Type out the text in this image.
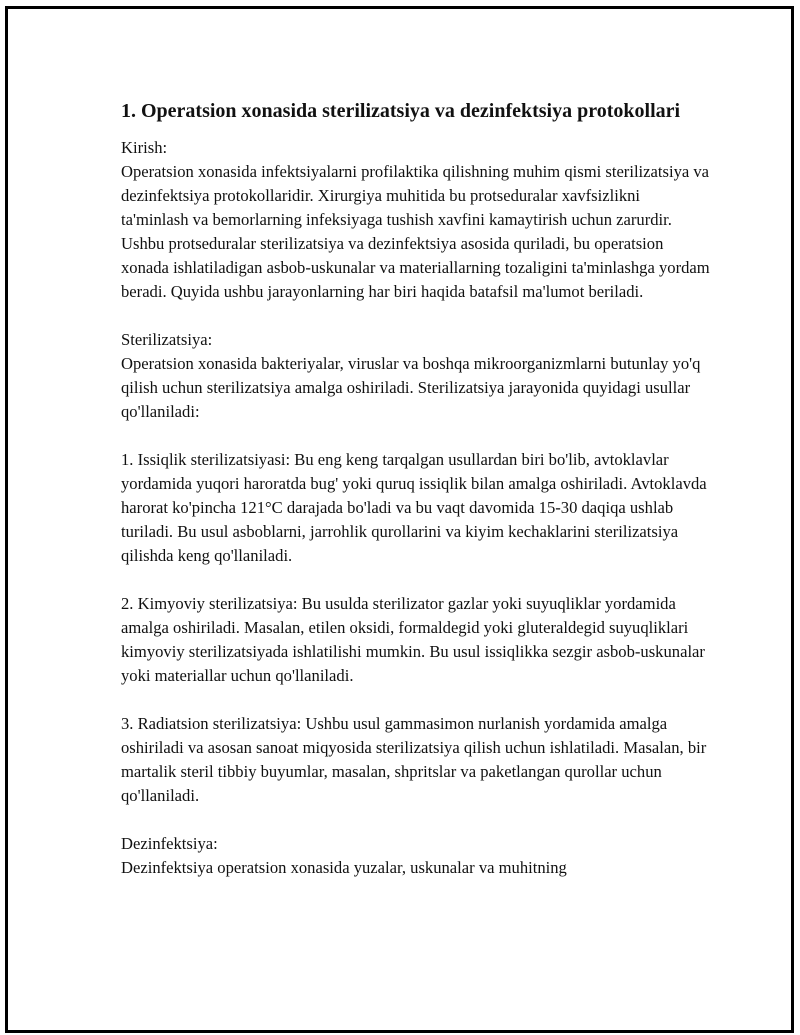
1. Operatsion xonasida sterilizatsiya va dezinfektsiya protokollari

Kirish:
Operatsion xonasida infektsiyalarni profilaktika qilishning muhim qismi sterilizatsiya va dezinfektsiya protokollaridir. Xirurgiya muhitida bu protseduralar xavfsizlikni ta'minlash va bemorlarning infeksiyaga tushish xavfini kamaytirish uchun zarurdir. Ushbu protseduralar sterilizatsiya va dezinfektsiya asosida quriladi, bu operatsion xonada ishlatiladigan asbob-uskunalar va materiallarning tozaligini ta'minlashga yordam beradi. Quyida ushbu jarayonlarning har biri haqida batafsil ma'lumot beriladi.

Sterilizatsiya:
Operatsion xonasida bakteriyalar, viruslar va boshqa mikroorganizmlarni butunlay yo'q qilish uchun sterilizatsiya amalga oshiriladi. Sterilizatsiya jarayonida quyidagi usullar qo'llaniladi:

1. Issiqlik sterilizatsiyasi: Bu eng keng tarqalgan usullardan biri bo'lib, avtoklavlar yordamida yuqori haroratda bug' yoki quruq issiqlik bilan amalga oshiriladi. Avtoklavda harorat ko'pincha 121°C darajada bo'ladi va bu vaqt davomida 15-30 daqiqa ushlab turiladi. Bu usul asboblarni, jarrohlik qurollarini va kiyim kechaklarini sterilizatsiya qilishda keng qo'llaniladi.

2. Kimyoviy sterilizatsiya: Bu usulda sterilizator gazlar yoki suyuqliklar yordamida amalga oshiriladi. Masalan, etilen oksidi, formaldegid yoki gluteraldegid suyuqliklari kimyoviy sterilizatsiyada ishlatilishi mumkin. Bu usul issiqlikka sezgir asbob-uskunalar yoki materiallar uchun qo'llaniladi.

3. Radiatsion sterilizatsiya: Ushbu usul gammasimon nurlanish yordamida amalga oshiriladi va asosan sanoat miqyosida sterilizatsiya qilish uchun ishlatiladi. Masalan, bir martalik steril tibbiy buyumlar, masalan, shpritslar va paketlangan qurollar uchun qo'llaniladi.

Dezinfektsiya:
Dezinfektsiya operatsion xonasida yuzalar, uskunalar va muhitning
